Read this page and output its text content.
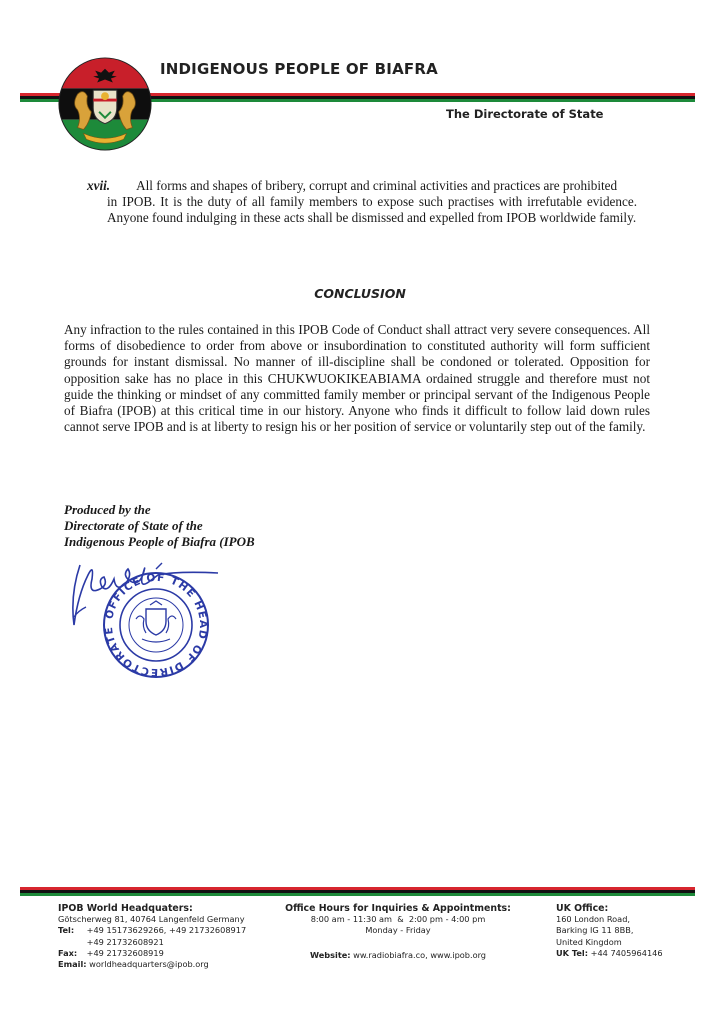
INDIGENOUS PEOPLE OF BIAFRA
The Directorate of State
xvii. All forms and shapes of bribery, corrupt and criminal activities and practices are prohibited
in IPOB. It is the duty of all family members to expose such practises with irrefutable evidence. Anyone found indulging in these acts shall be dismissed and expelled from IPOB worldwide family.
CONCLUSION
Any infraction to the rules contained in this IPOB Code of Conduct shall attract very severe consequences. All forms of disobedience to order from above or insubordination to constituted authority will form sufficient grounds for instant dismissal. No manner of ill-discipline shall be condoned or tolerated. Opposition for opposition sake has no place in this CHUKWUOKIKEABIAMA ordained struggle and therefore must not guide the thinking or mindset of any committed family member or principal servant of the Indigenous People of Biafra (IPOB) at this critical time in our history. Anyone who finds it difficult to follow laid down rules cannot serve IPOB and is at liberty to resign his or her position of service or voluntarily step out of the family.
Produced by the
Directorate of State of the
Indigenous People of Biafra (IPOB
OFFICE OF THE HEAD OF DIRECTORATE
IPOB World Headquaters:
Götscherweg 81, 40764 Langenfeld Germany
Tel: +49 15173629266, +49 21732608917
+49 21732608921
Fax: +49 21732608919
Email: worldheadquarters@ipob.org
Office Hours for Inquiries & Appointments:
8:00 am - 11:30 am  &  2:00 pm - 4:00 pm
Monday - Friday
Website: ww.radiobiafra.co, www.ipob.org
UK Office:
160 London Road,
Barking IG 11 8BB,
United Kingdom
UK Tel: +44 7405964146
